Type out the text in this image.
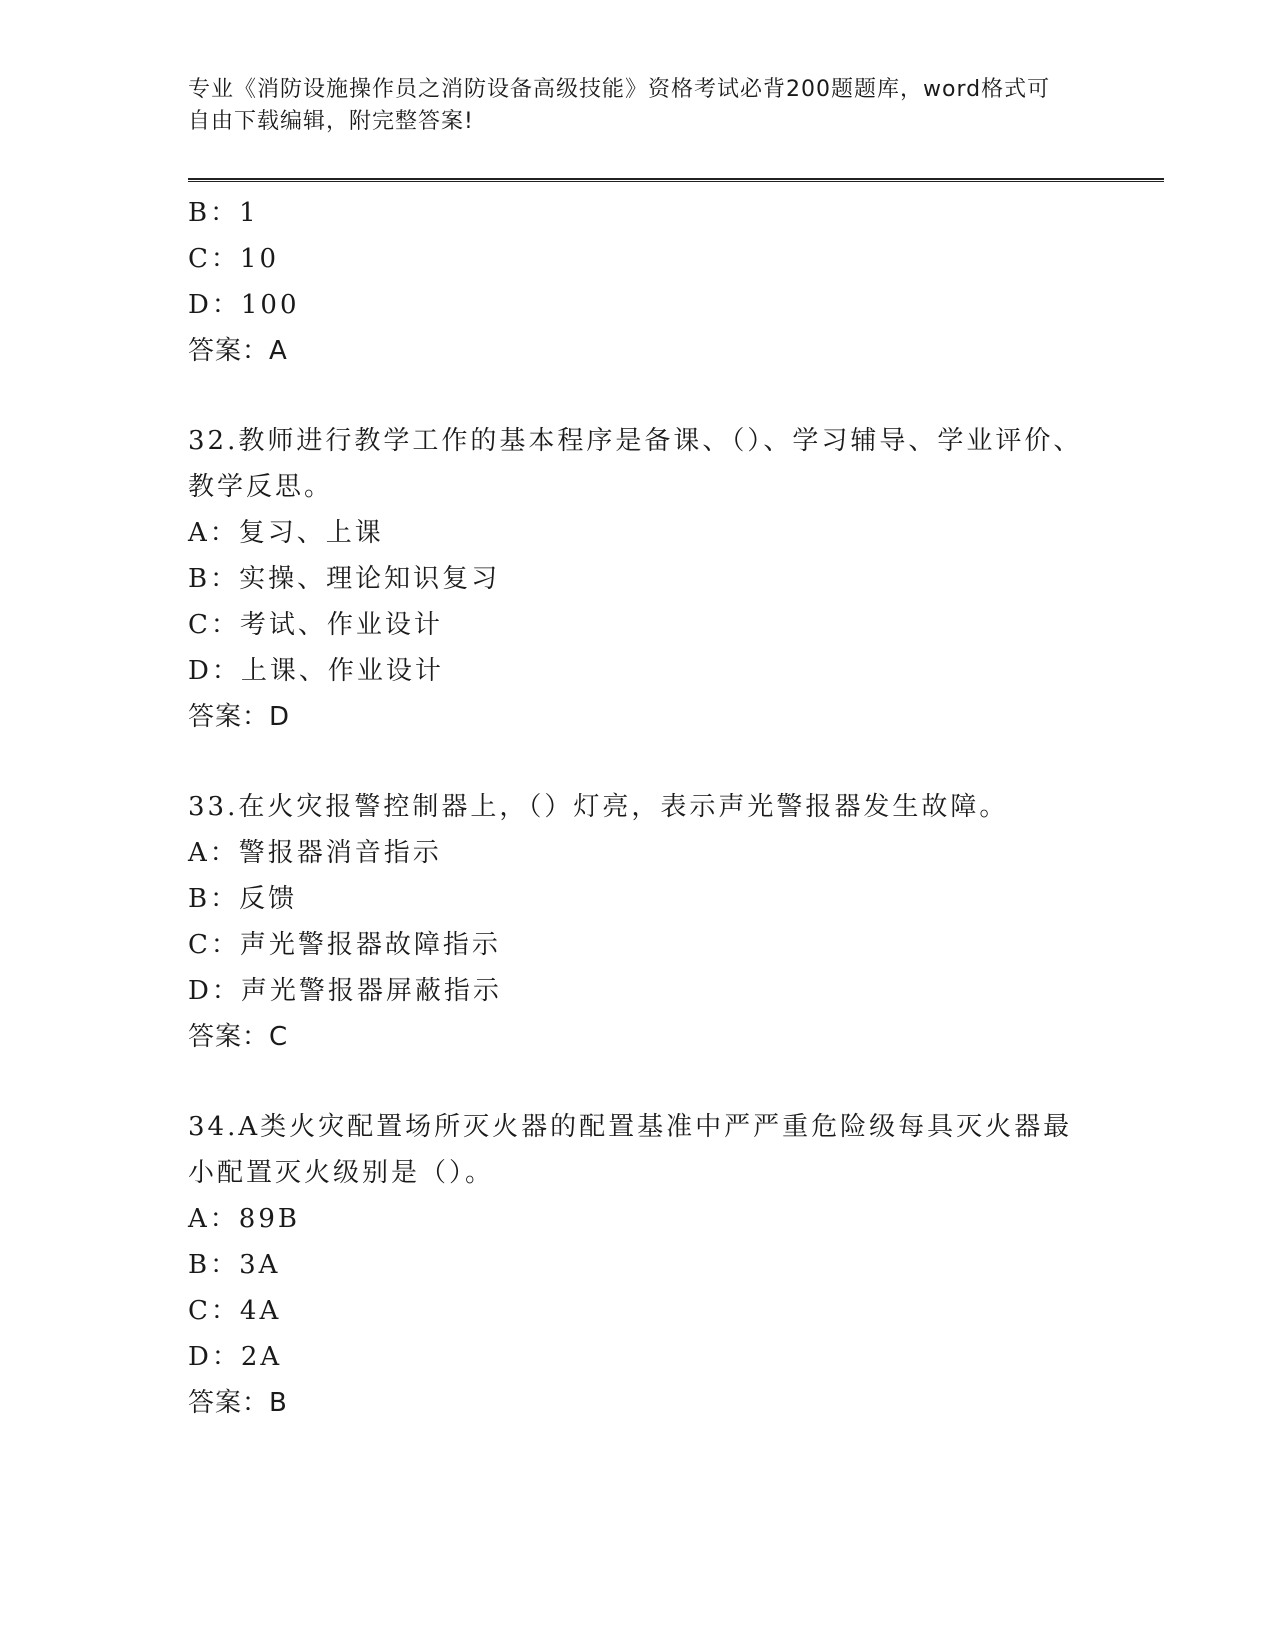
专业《消防设施操作员之消防设备高级技能》资格考试必背200题题库，word格式可自由下载编辑，附完整答案!
B：1
C：10
D：100
答案：A
32.教师进行教学工作的基本程序是备课、（）、学习辅导、学业评价、教学反思。
A：复习、上课
B：实操、理论知识复习
C：考试、作业设计
D：上课、作业设计
答案：D
33.在火灾报警控制器上，（）灯亮，表示声光警报器发生故障。
A：警报器消音指示
B：反馈
C：声光警报器故障指示
D：声光警报器屏蔽指示
答案：C
34.A类火灾配置场所灭火器的配置基准中严严重危险级每具灭火器最小配置灭火级别是（）。
A：89B
B：3A
C：4A
D：2A
答案：B
